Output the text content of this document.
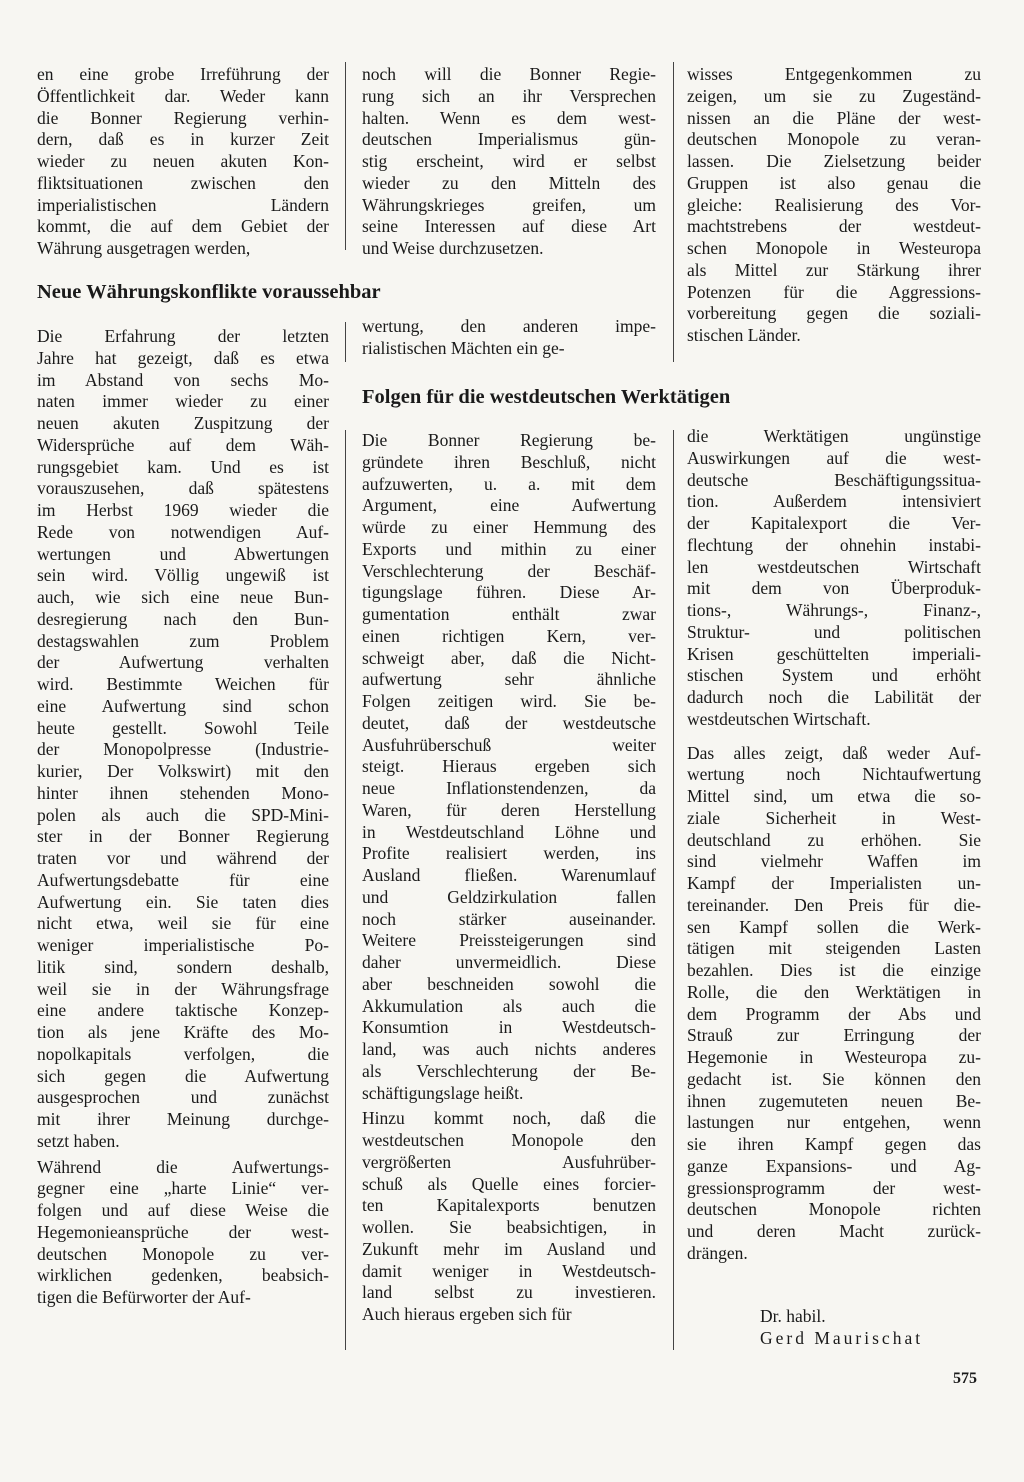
en eine grobe Irreführung der
Öffentlichkeit dar. Weder kann
die Bonner Regierung verhin-
dern, daß es in kurzer Zeit
wieder zu neuen akuten Kon-
fliktsituationen zwischen den
imperialistischen Ländern
kommt, die auf dem Gebiet der
Währung ausgetragen werden,
noch will die Bonner Regie-
rung sich an ihr Versprechen
halten. Wenn es dem west-
deutschen Imperialismus gün-
stig erscheint, wird er selbst
wieder zu den Mitteln des
Währungskrieges greifen, um
seine Interessen auf diese Art
und Weise durchzusetzen.
wisses Entgegenkommen zu
zeigen, um sie zu Zugeständ-
nissen an die Pläne der west-
deutschen Monopole zu veran-
lassen. Die Zielsetzung beider
Gruppen ist also genau die
gleiche: Realisierung des Vor-
machtstrebens der westdeut-
schen Monopole in Westeuropa
als Mittel zur Stärkung ihrer
Potenzen für die Aggressions-
vorbereitung gegen die soziali-
stischen Länder.
Neue Währungskonflikte voraussehbar

Die Erfahrung der letzten
Jahre hat gezeigt, daß es etwa
im Abstand von sechs Mo-
naten immer wieder zu einer
neuen akuten Zuspitzung der
Widersprüche auf dem Wäh-
rungsgebiet kam. Und es ist
vorauszusehen, daß spätestens
im Herbst 1969 wieder die
Rede von notwendigen Auf-
wertungen und Abwertungen
sein wird. Völlig ungewiß ist
auch, wie sich eine neue Bun-
desregierung nach den Bun-
destagswahlen zum Problem
der Aufwertung verhalten
wird. Bestimmte Weichen für
eine Aufwertung sind schon
heute gestellt. Sowohl Teile
der Monopolpresse (Industrie-
kurier, Der Volkswirt) mit den
hinter ihnen stehenden Mono-
polen als auch die SPD-Mini-
ster in der Bonner Regierung
traten vor und während der
Aufwertungsdebatte für eine
Aufwertung ein. Sie taten dies
nicht etwa, weil sie für eine
weniger imperialistische Po-
litik sind, sondern deshalb,
weil sie in der Währungsfrage
eine andere taktische Konzep-
tion als jene Kräfte des Mo-
nopolkapitals verfolgen, die
sich gegen die Aufwertung
ausgesprochen und zunächst
mit ihrer Meinung durchge-
setzt haben.

Während die Aufwertungs-
gegner eine „harte Linie“ ver-
folgen und auf diese Weise die
Hegemonieansprüche der west-
deutschen Monopole zu ver-
wirklichen gedenken, beabsich-
tigen die Befürworter der Auf-

wertung, den anderen impe-
rialistischen Mächten ein ge-
Folgen für die westdeutschen Werktätigen

Die Bonner Regierung be-
gründete ihren Beschluß, nicht
aufzuwerten, u. a. mit dem
Argument, eine Aufwertung
würde zu einer Hemmung des
Exports und mithin zu einer
Verschlechterung der Beschäf-
tigungslage führen. Diese Ar-
gumentation enthält zwar
einen richtigen Kern, ver-
schweigt aber, daß die Nicht-
aufwertung sehr ähnliche
Folgen zeitigen wird. Sie be-
deutet, daß der westdeutsche
Ausfuhrüberschuß weiter
steigt. Hieraus ergeben sich
neue Inflationstendenzen, da
Waren, für deren Herstellung
in Westdeutschland Löhne und
Profite realisiert werden, ins
Ausland fließen. Warenumlauf
und Geldzirkulation fallen
noch stärker auseinander.
Weitere Preissteigerungen sind
daher unvermeidlich. Diese
aber beschneiden sowohl die
Akkumulation als auch die
Konsumtion in Westdeutsch-
land, was auch nichts anderes
als Verschlechterung der Be-
schäftigungslage heißt.

Hinzu kommt noch, daß die
westdeutschen Monopole den
vergrößerten Ausfuhrüber-
schuß als Quelle eines forcier-
ten Kapitalexports benutzen
wollen. Sie beabsichtigen, in
Zukunft mehr im Ausland und
damit weniger in Westdeutsch-
land selbst zu investieren.
Auch hieraus ergeben sich für

die Werktätigen ungünstige
Auswirkungen auf die west-
deutsche Beschäftigungssitua-
tion. Außerdem intensiviert
der Kapitalexport die Ver-
flechtung der ohnehin instabi-
len westdeutschen Wirtschaft
mit dem von Überproduk-
tions-, Währungs-, Finanz-,
Struktur- und politischen
Krisen geschüttelten imperiali-
stischen System und erhöht
dadurch noch die Labilität der
westdeutschen Wirtschaft.

Das alles zeigt, daß weder Auf-
wertung noch Nichtaufwertung
Mittel sind, um etwa die so-
ziale Sicherheit in West-
deutschland zu erhöhen. Sie
sind vielmehr Waffen im
Kampf der Imperialisten un-
tereinander. Den Preis für die-
sen Kampf sollen die Werk-
tätigen mit steigenden Lasten
bezahlen. Dies ist die einzige
Rolle, die den Werktätigen in
dem Programm der Abs und
Strauß zur Erringung der
Hegemonie in Westeuropa zu-
gedacht ist. Sie können den
ihnen zugemuteten neuen Be-
lastungen nur entgehen, wenn
sie ihren Kampf gegen das
ganze Expansions- und Ag-
gressionsprogramm der west-
deutschen Monopole richten
und deren Macht zurück-
drängen.

Dr. habil.
Gerd Maurischat
575
